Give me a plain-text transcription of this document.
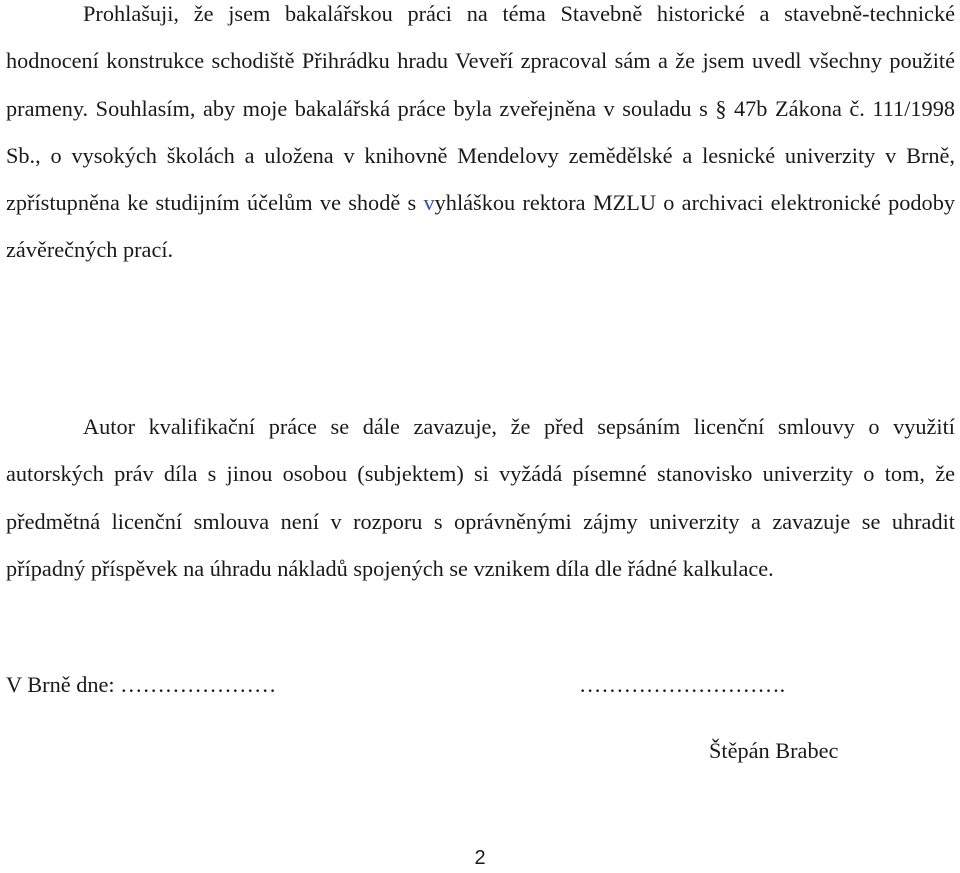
Prohlašuji, že jsem bakalářskou práci na téma Stavebně historické a stavebně-technické hodnocení konstrukce schodiště Přihrádku hradu Veveří zpracoval sám a že jsem uvedl všechny použité prameny. Souhlasím, aby moje bakalářská práce byla zveřejněna v souladu s § 47b Zákona č. 111/1998 Sb., o vysokých školách a uložena v knihovně Mendelovy zemědělské a lesnické univerzity v Brně, zpřístupněna ke studijním účelům ve shodě s vyhláškou rektora MZLU o archivaci elektronické podoby závěrečných prací.

Autor kvalifikační práce se dále zavazuje, že před sepsáním licenční smlouvy o využití autorských práv díla s jinou osobou (subjektem) si vyžádá písemné stanovisko univerzity o tom, že předmětná licenční smlouva není v rozporu s oprávněnými zájmy univerzity a zavazuje se uhradit případný příspěvek na úhradu nákladů spojených se vznikem díla dle řádné kalkulace.

V Brně dne: …………………	……………………….
Štěpán Brabec
2
